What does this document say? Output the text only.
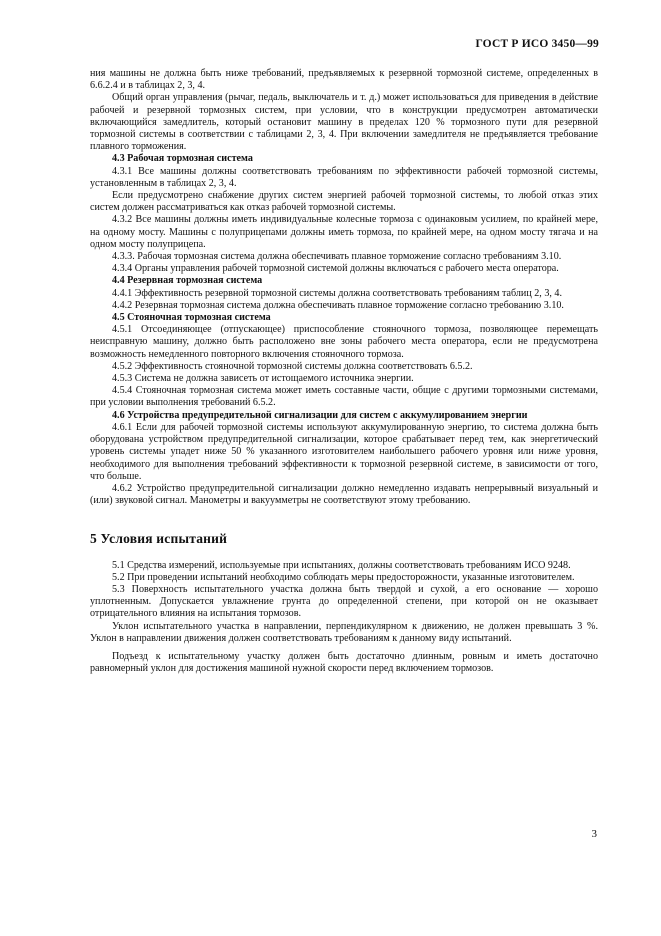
ГОСТ Р ИСО 3450—99

ния машины не должна быть ниже требований, предъявляемых к резервной тормозной системе, определенных в 6.6.2.4 и в таблицах 2, 3, 4.

Общий орган управления (рычаг, педаль, выключатель и т. д.) может использоваться для приведения в действие рабочей и резервной тормозных систем, при условии, что в конструкции предусмотрен автоматически включающийся замедлитель, который остановит машину в пределах 120 % тормозного пути для резервной тормозной системы в соответствии с таблицами 2, 3, 4. При включении замедлителя не предъявляется требование плавного торможения.

4.3 Рабочая тормозная система

4.3.1 Все машины должны соответствовать требованиям по эффективности рабочей тормозной системы, установленным в таблицах 2, 3, 4.

Если предусмотрено снабжение других систем энергией рабочей тормозной системы, то любой отказ этих систем должен рассматриваться как отказ рабочей тормозной системы.

4.3.2 Все машины должны иметь индивидуальные колесные тормоза с одинаковым усилием, по крайней мере, на одному мосту. Машины с полуприцепами должны иметь тормоза, по крайней мере, на одном мосту тягача и на одном мосту полуприцепа.

4.3.3. Рабочая тормозная система должна обеспечивать плавное торможение согласно требованиям 3.10.

4.3.4 Органы управления рабочей тормозной системой должны включаться с рабочего места оператора.

4.4 Резервная тормозная система

4.4.1 Эффективность резервной тормозной системы должна соответствовать требованиям таблиц 2, 3, 4.

4.4.2 Резервная тормозная система должна обеспечивать плавное торможение согласно требованию 3.10.

4.5 Стояночная тормозная система

4.5.1 Отсоединяющее (отпускающее) приспособление стояночного тормоза, позволяющее перемещать неисправную машину, должно быть расположено вне зоны рабочего места оператора, если не предусмотрена возможность немедленного повторного включения стояночного тормоза.

4.5.2 Эффективность стояночной тормозной системы должна соответствовать 6.5.2.

4.5.3 Система не должна зависеть от истощаемого источника энергии.

4.5.4 Стояночная тормозная система может иметь составные части, общие с другими тормозными системами, при условии выполнения требований 6.5.2.

4.6 Устройства предупредительной сигнализации для систем с аккумулированием энергии

4.6.1 Если для рабочей тормозной системы используют аккумулированную энергию, то система должна быть оборудована устройством предупредительной сигнализации, которое срабатывает перед тем, как энергетический уровень системы упадет ниже 50 % указанного изготовителем наибольшего рабочего уровня или ниже уровня, необходимого для выполнения требований эффективности к тормозной резервной системе, в зависимости от того, что больше.

4.6.2 Устройство предупредительной сигнализации должно немедленно издавать непрерывный визуальный и (или) звуковой сигнал. Манометры и вакуумметры не соответствуют этому требованию.

5 Условия испытаний

5.1 Средства измерений, используемые при испытаниях, должны соответствовать требованиям ИСО 9248.

5.2 При проведении испытаний необходимо соблюдать меры предосторожности, указанные изготовителем.

5.3 Поверхность испытательного участка должна быть твердой и сухой, а его основание — хорошо уплотненным. Допускается увлажнение грунта до определенной степени, при которой он не оказывает отрицательного влияния на испытания тормозов.

Уклон испытательного участка в направлении, перпендикулярном к движению, не должен превышать 3 %. Уклон в направлении движения должен соответствовать требованиям к данному виду испытаний.

Подъезд к испытательному участку должен быть достаточно длинным, ровным и иметь достаточно равномерный уклон для достижения машиной нужной скорости перед включением тормозов.

3
